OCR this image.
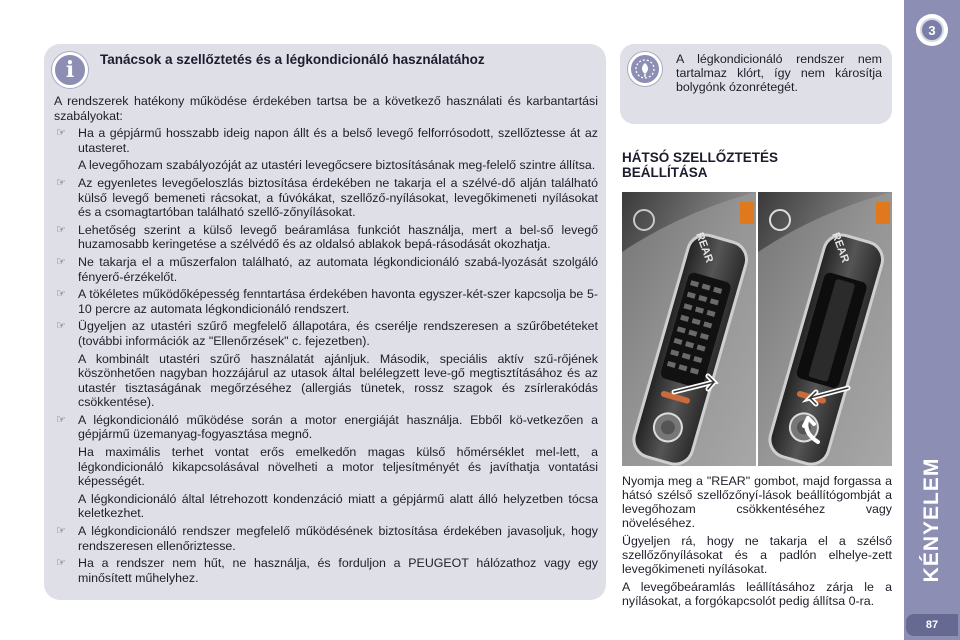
i	Tanácsok a szellőztetés és a légkondicionáló használatához

A rendszerek hatékony működése érdekében tartsa be a következő használati és karbantartási szabályokat:

☞ Ha a gépjármű hosszabb ideig napon állt és a belső levegő felforrósodott, szellőztesse át az utasteret.

A levegőhozam szabályozóját az utastéri levegőcsere biztosításának meg-felelő szintre állítsa.

☞ Az egyenletes levegőeloszlás biztosítása érdekében ne takarja el a szélvé-dő alján található külső levegő bemeneti rácsokat, a fúvókákat, szellőző-nyílásokat, levegőkimeneti nyílásokat és a csomagtartóban található szellő-zőnyílásokat.

☞ Lehetőség szerint a külső levegő beáramlása funkciót használja, mert a bel-ső levegő huzamosabb keringetése a szélvédő és az oldalsó ablakok bepá-rásodását okozhatja.

☞ Ne takarja el a műszerfalon található, az automata légkondicionáló szabá-lyozását szolgáló fényerő-érzékelőt.

☞ A tökéletes működőképesség fenntartása érdekében havonta egyszer-két-szer kapcsolja be 5-10 percre az automata légkondicionáló rendszert.

☞ Ügyeljen az utastéri szűrő megfelelő állapotára, és cserélje rendszeresen a szűrőbetéteket (további információk az "Ellenőrzések" c. fejezetben).

A kombinált utastéri szűrő használatát ajánljuk. Második, speciális aktív szű-rőjének köszönhetően nagyban hozzájárul az utasok által belélegzett leve-gő megtisztításához és az utastér tisztaságának megőrzéséhez (allergiás tünetek, rossz szagok és zsírlerakódás csökkentése).

☞ A légkondicionáló működése során a motor energiáját használja. Ebből kö-vetkezően a gépjármű üzemanyag-fogyasztása megnő.

Ha maximális terhet vontat erős emelkedőn magas külső hőmérséklet mel-lett, a légkondicionáló kikapcsolásával növelheti a motor teljesítményét és javíthatja vontatási képességét.

A légkondicionáló által létrehozott kondenzáció miatt a gépjármű alatt álló helyzetben tócsa keletkezhet.

☞ A légkondicionáló rendszer megfelelő működésének biztosítása érdekében javasoljuk, hogy rendszeresen ellenőriztesse.

☞ Ha a rendszer nem hűt, ne használja, és forduljon a PEUGEOT hálózathoz vagy egy minősített műhelyhez.

A légkondicionáló rendszer nem tartalmaz klórt, így nem károsítja bolygónk ózonrétegét.
HÁTSÓ SZELLŐZTETÉS
BEÁLLÍTÁSA
REAR	REAR

Nyomja meg a "REAR" gombot, majd forgassa a hátsó szélső szellőzőnyí-lások beállítógombját a levegőhozam csökkentéséhez vagy növeléséhez.

Ügyeljen rá, hogy ne takarja el a szélső szellőzőnyílásokat és a padlón elhelye-zett levegőkimeneti nyílásokat.

A levegőbeáramlás leállításához zárja le a nyílásokat, a forgókapcsolót pedig állítsa 0-ra.

3
KÉNYELEM
87
